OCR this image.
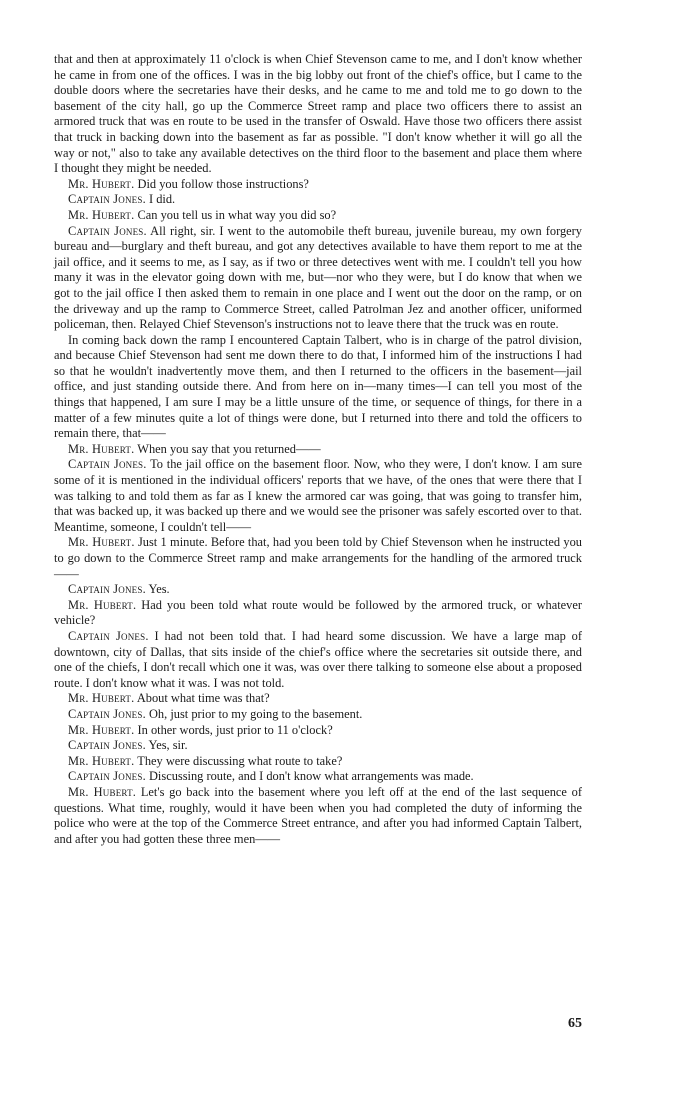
that and then at approximately 11 o'clock is when Chief Stevenson came to me, and I don't know whether he came in from one of the offices. I was in the big lobby out front of the chief's office, but I came to the double doors where the secretaries have their desks, and he came to me and told me to go down to the basement of the city hall, go up the Commerce Street ramp and place two officers there to assist an armored truck that was en route to be used in the transfer of Oswald. Have those two officers there assist that truck in backing down into the basement as far as possible. "I don't know whether it will go all the way or not," also to take any available detectives on the third floor to the basement and place them where I thought they might be needed.

Mr. Hubert. Did you follow those instructions?

Captain Jones. I did.

Mr. Hubert. Can you tell us in what way you did so?

Captain Jones. All right, sir. I went to the automobile theft bureau, juvenile bureau, my own forgery bureau and—burglary and theft bureau, and got any detectives available to have them report to me at the jail office, and it seems to me, as I say, as if two or three detectives went with me. I couldn't tell you how many it was in the elevator going down with me, but—nor who they were, but I do know that when we got to the jail office I then asked them to remain in one place and I went out the door on the ramp, or on the driveway and up the ramp to Commerce Street, called Patrolman Jez and another officer, uniformed policeman, then. Relayed Chief Stevenson's instructions not to leave there that the truck was en route.

In coming back down the ramp I encountered Captain Talbert, who is in charge of the patrol division, and because Chief Stevenson had sent me down there to do that, I informed him of the instructions I had so that he wouldn't inadvertently move them, and then I returned to the officers in the basement—jail office, and just standing outside there. And from here on in—many times—I can tell you most of the things that happened, I am sure I may be a little unsure of the time, or sequence of things, for there in a matter of a few minutes quite a lot of things were done, but I returned into there and told the officers to remain there, that——

Mr. Hubert. When you say that you returned——

Captain Jones. To the jail office on the basement floor. Now, who they were, I don't know. I am sure some of it is mentioned in the individual officers' reports that we have, of the ones that were there that I was talking to and told them as far as I knew the armored car was going, that was going to transfer him, that was backed up, it was backed up there and we would see the prisoner was safely escorted over to that. Meantime, someone, I couldn't tell——

Mr. Hubert. Just 1 minute. Before that, had you been told by Chief Stevenson when he instructed you to go down to the Commerce Street ramp and make arrangements for the handling of the armored truck——

Captain Jones. Yes.

Mr. Hubert. Had you been told what route would be followed by the armored truck, or whatever vehicle?

Captain Jones. I had not been told that. I had heard some discussion. We have a large map of downtown, city of Dallas, that sits inside of the chief's office where the secretaries sit outside there, and one of the chiefs, I don't recall which one it was, was over there talking to someone else about a proposed route. I don't know what it was. I was not told.

Mr. Hubert. About what time was that?

Captain Jones. Oh, just prior to my going to the basement.

Mr. Hubert. In other words, just prior to 11 o'clock?

Captain Jones. Yes, sir.

Mr. Hubert. They were discussing what route to take?

Captain Jones. Discussing route, and I don't know what arrangements was made.

Mr. Hubert. Let's go back into the basement where you left off at the end of the last sequence of questions. What time, roughly, would it have been when you had completed the duty of informing the police who were at the top of the Commerce Street entrance, and after you had informed Captain Talbert, and after you had gotten these three men——

65
